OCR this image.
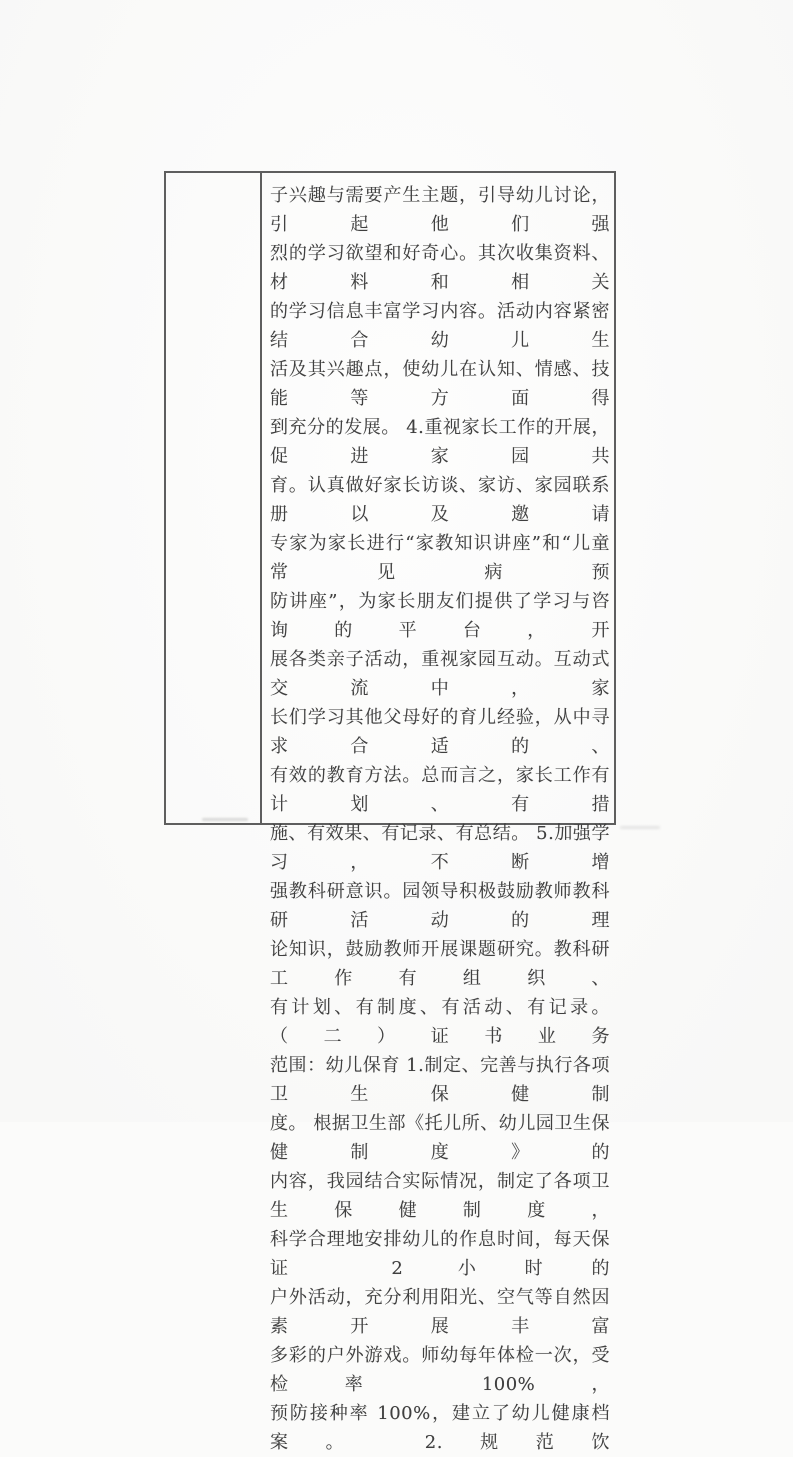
子兴趣与需要产生主题，引导幼儿讨论，引起他们强
烈的学习欲望和好奇心。其次收集资料、材料和相关
的学习信息丰富学习内容。活动内容紧密结合幼儿生
活及其兴趣点，使幼儿在认知、情感、技能等方面得
到充分的发展。 4.重视家长工作的开展，促进家园共
育。认真做好家长访谈、家访、家园联系册以及邀请
专家为家长进行“家教知识讲座”和“儿童常见病预
防讲座”，为家长朋友们提供了学习与咨询的平台，开
展各类亲子活动，重视家园互动。互动式交流中，家
长们学习其他父母好的育儿经验，从中寻求合适的、
有效的教育方法。总而言之，家长工作有计划、有措
施、有效果、有记录、有总结。 5.加强学习，不断增
强教科研意识。园领导积极鼓励教师教科研活动的理
论知识，鼓励教师开展课题研究。教科研工作有组织、
有计划、有制度、有活动、有记录。 （二）证书业务
范围：幼儿保育 1.制定、完善与执行各项卫生保健制
度。 根据卫生部《托儿所、幼儿园卫生保健制度》的
内容，我园结合实际情况，制定了各项卫生保健制度，
科学合理地安排幼儿的作息时间，每天保证 2 小时的
户外活动，充分利用阳光、空气等自然因素开展丰富
多彩的户外游戏。师幼每年体检一次，受检率 100%，
预防接种率 100%，建立了幼儿健康档案。 2.规范饮
